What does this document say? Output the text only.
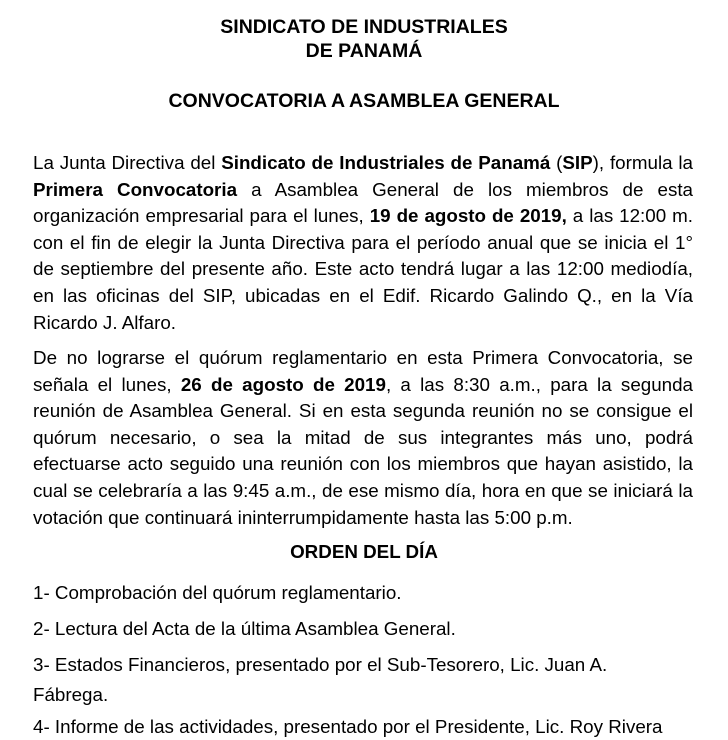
SINDICATO DE INDUSTRIALES
DE PANAMÁ
CONVOCATORIA A ASAMBLEA GENERAL

La Junta Directiva del Sindicato de Industriales de Panamá (SIP), formula la Primera Convocatoria a Asamblea General de los miembros de esta organización empresarial para el lunes, 19 de agosto de 2019, a las 12:00 m. con el fin de elegir la Junta Directiva para el período anual que se inicia el 1° de septiembre del presente año. Este acto tendrá lugar a las 12:00 mediodía, en las oficinas del SIP, ubicadas en el Edif. Ricardo Galindo Q., en la Vía Ricardo J. Alfaro.

De no lograrse el quórum reglamentario en esta Primera Convocatoria, se señala el lunes, 26 de agosto de 2019, a las 8:30 a.m., para la segunda reunión de Asamblea General. Si en esta segunda reunión no se consigue el quórum necesario, o sea la mitad de sus integrantes más uno, podrá efectuarse acto seguido una reunión con los miembros que hayan asistido, la cual se celebraría a las 9:45 a.m., de ese mismo día, hora en que se iniciará la votación que continuará ininterrumpidamente hasta las 5:00 p.m.

ORDEN DEL DÍA

1- Comprobación del quórum reglamentario.

2- Lectura del Acta de la última Asamblea General.

3- Estados Financieros, presentado por el Sub-Tesorero, Lic. Juan A.

Fábrega.

4- Informe de las actividades, presentado por el Presidente, Lic. Roy Rivera
